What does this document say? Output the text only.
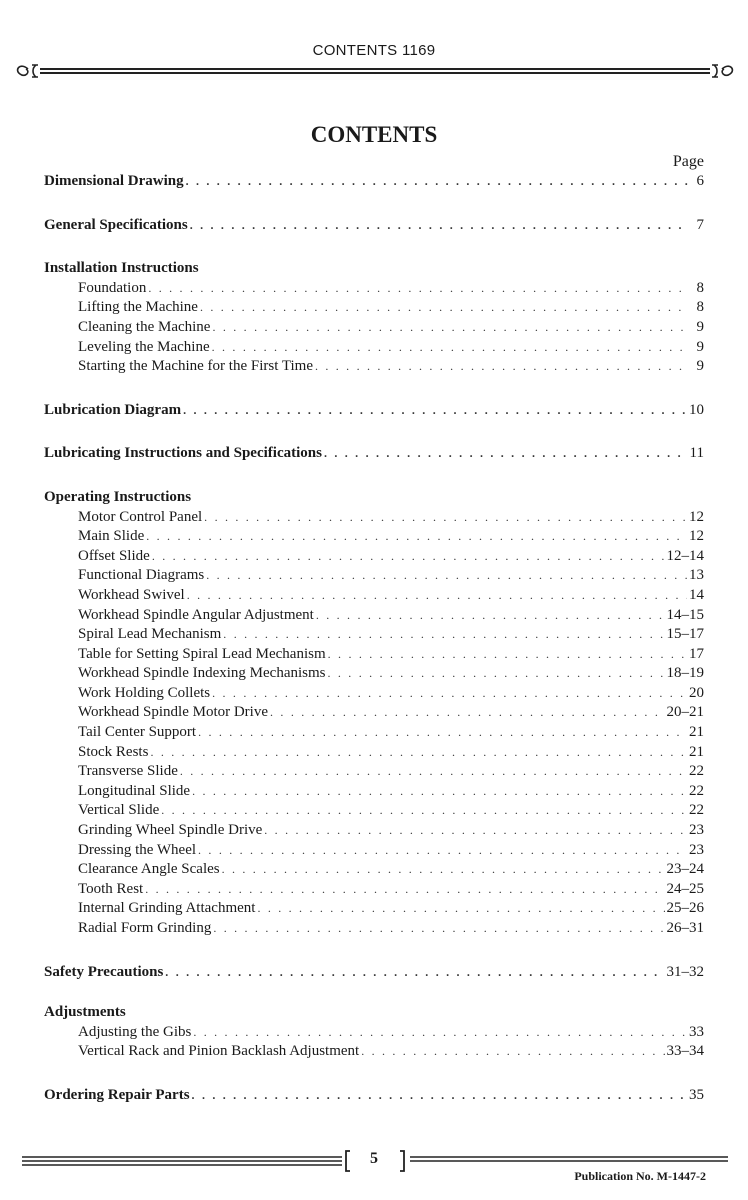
CONTENTS 1169
CONTENTS
Page
Dimensional Drawing . . .	6
General Specifications . . .	7
Installation Instructions
Foundation . . .	8
Lifting the Machine . . .	8
Cleaning the Machine . . .	9
Leveling the Machine . . .	9
Starting the Machine for the First Time . . .	9
Lubrication Diagram . . .	10
Lubricating Instructions and Specifications . . .	11
Operating Instructions
Motor Control Panel . . .	12
Main Slide . . .	12
Offset Slide . . .	12–14
Functional Diagrams . . .	13
Workhead Swivel . . .	14
Workhead Spindle Angular Adjustment . . .	14–15
Spiral Lead Mechanism . . .	15–17
Table for Setting Spiral Lead Mechanism . . .	17
Workhead Spindle Indexing Mechanisms . . .	18–19
Work Holding Collets . . .	20
Workhead Spindle Motor Drive . . .	20–21
Tail Center Support . . .	21
Stock Rests . . .	21
Transverse Slide . . .	22
Longitudinal Slide . . .	22
Vertical Slide . . .	22
Grinding Wheel Spindle Drive . . .	23
Dressing the Wheel . . .	23
Clearance Angle Scales . . .	23–24
Tooth Rest . . .	24–25
Internal Grinding Attachment . . .	25–26
Radial Form Grinding . . .	26–31
Safety Precautions . . .	31–32
Adjustments
Adjusting the Gibs . . .	33
Vertical Rack and Pinion Backlash Adjustment . . .	33–34
Ordering Repair Parts . . .	35
5
Publication No. M-1447-2
